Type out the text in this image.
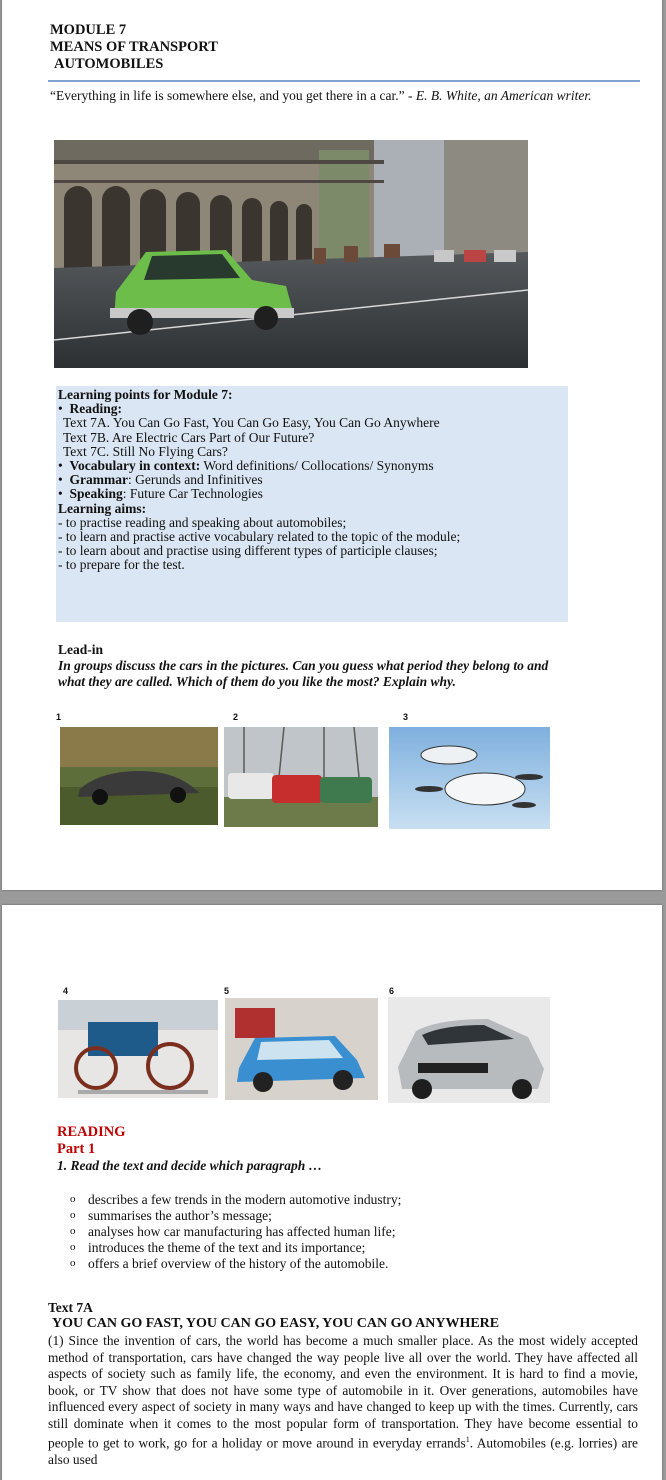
MODULE 7
MEANS OF TRANSPORT
AUTOMOBILES
“Everything in life is somewhere else, and you get there in a car.” - E. B. White, an American writer.
Learning points for Module 7:
•  Reading:
Text 7A. You Can Go Fast, You Can Go Easy, You Can Go Anywhere
Text 7B. Are Electric Cars Part of Our Future?
Text 7C. Still No Flying Cars?
•  Vocabulary in context: Word definitions/ Collocations/ Synonyms
•  Grammar: Gerunds and Infinitives
•  Speaking: Future Car Technologies
Learning aims:
- to practise reading and speaking about automobiles;
- to learn and practise active vocabulary related to the topic of the module;
- to learn about and practise using different types of participle clauses;
- to prepare for the test.
Lead-in
In groups discuss the cars in the pictures. Can you guess what period they belong to and what they are called. Which of them do you like the most? Explain why.
1	2	3
4	5	6
READING
Part 1
1. Read the text and decide which paragraph …
o describes a few trends in the modern automotive industry;
o summarises the author’s message;
o analyses how car manufacturing has affected human life;
o introduces the theme of the text and its importance;
o offers a brief overview of the history of the automobile.
Text 7A
YOU CAN GO FAST, YOU CAN GO EASY, YOU CAN GO ANYWHERE
(1) Since the invention of cars, the world has become a much smaller place. As the most widely accepted method of transportation, cars have changed the way people live all over the world. They have affected all aspects of society such as family life, the economy, and even the environment. It is hard to find a movie, book, or TV show that does not have some type of automobile in it. Over generations, automobiles have influenced every aspect of society in many ways and have changed to keep up with the times. Currently, cars still dominate when it comes to the most popular form of transportation. They have become essential to people to get to work, go for a holiday or move around in everyday errands$^1$. Automobiles (e.g. lorries) are also used
